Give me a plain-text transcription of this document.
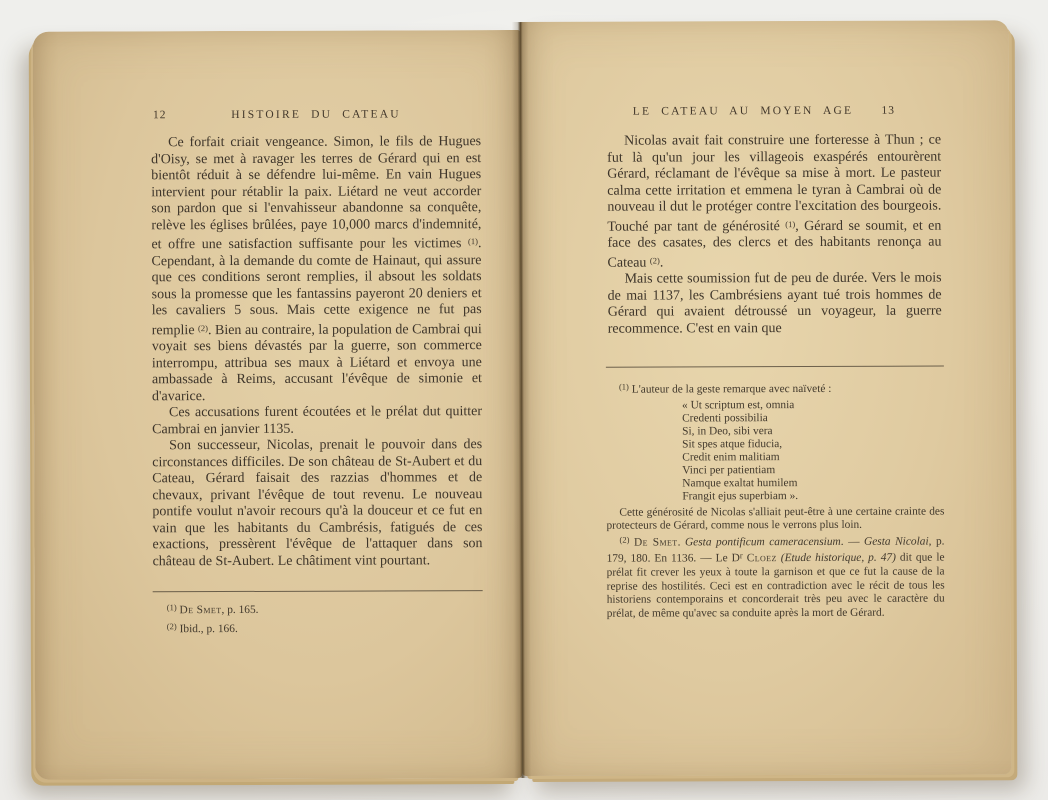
12	HISTOIRE DU CATEAU

Ce forfait criait vengeance. Simon, le fils de Hugues d'Oisy, se met à ravager les terres de Gérard qui en est bientôt réduit à se défendre lui-même. En vain Hugues intervient pour rétablir la paix. Liétard ne veut accorder son pardon que si l'envahisseur abandonne sa conquête, relève les églises brûlées, paye 10,000 marcs d'indemnité, et offre une satisfaction suffisante pour les victimes $^{(1)}$. Cependant, à la demande du comte de Hainaut, qui assure que ces conditions seront remplies, il absout les soldats sous la promesse que les fantassins payeront 20 deniers et les cavaliers 5 sous. Mais cette exigence ne fut pas remplie $^{(2)}$. Bien au contraire, la population de Cambrai qui voyait ses biens dévastés par la guerre, son commerce interrompu, attribua ses maux à Liétard et envoya une ambassade à Reims, accusant l'évêque de simonie et d'avarice.

Ces accusations furent écoutées et le prélat dut quitter Cambrai en janvier 1135.

Son successeur, Nicolas, prenait le pouvoir dans des circonstances difficiles. De son château de St-Aubert et du Cateau, Gérard faisait des razzias d'hommes et de chevaux, privant l'évêque de tout revenu. Le nouveau pontife voulut n'avoir recours qu'à la douceur et ce fut en vain que les habitants du Cambrésis, fatigués de ces exactions, pressèrent l'évêque de l'attaquer dans son château de St-Aubert. Le châtiment vint pourtant.

$^{(1)}$ De Smet, p. 165.
$^{(2)}$ Ibid., p. 166.
LE CATEAU AU MOYEN AGE	13

Nicolas avait fait construire une forteresse à Thun ; ce fut là qu'un jour les villageois exaspérés entourèrent Gérard, réclamant de l'évêque sa mise à mort. Le pasteur calma cette irritation et emmena le tyran à Cambrai où de nouveau il dut le protéger contre l'excitation des bourgeois. Touché par tant de générosité $^{(1)}$, Gérard se soumit, et en face des casates, des clercs et des habitants renonça au Cateau $^{(2)}$.

Mais cette soumission fut de peu de durée. Vers le mois de mai 1137, les Cambrésiens ayant tué trois hommes de Gérard qui avaient détroussé un voyageur, la guerre recommence. C'est en vain que

$^{(1)}$ L'auteur de la geste remarque avec naïveté :
« Ut scriptum est, omnia
Credenti possibilia
Si, in Deo, sibi vera
Sit spes atque fiducia,
Credit enim malitiam
Vinci per patientiam
Namque exaltat humilem
Frangit ejus superbiam ».
Cette générosité de Nicolas s'alliait peut-être à une certaine crainte des protecteurs de Gérard, comme nous le verrons plus loin.
$^{(2)}$ De Smet. Gesta pontificum cameracensium. — Gesta Nicolai, p. 179, 180. En 1136. — Le $D^r$ Cloez (Etude historique, p. 47) dit que le prélat fit crever les yeux à toute la garnison et que ce fut la cause de la reprise des hostilités. Ceci est en contradiction avec le récit de tous les historiens contemporains et concorderait très peu avec le caractère du prélat, de même qu'avec sa conduite après la mort de Gérard.
